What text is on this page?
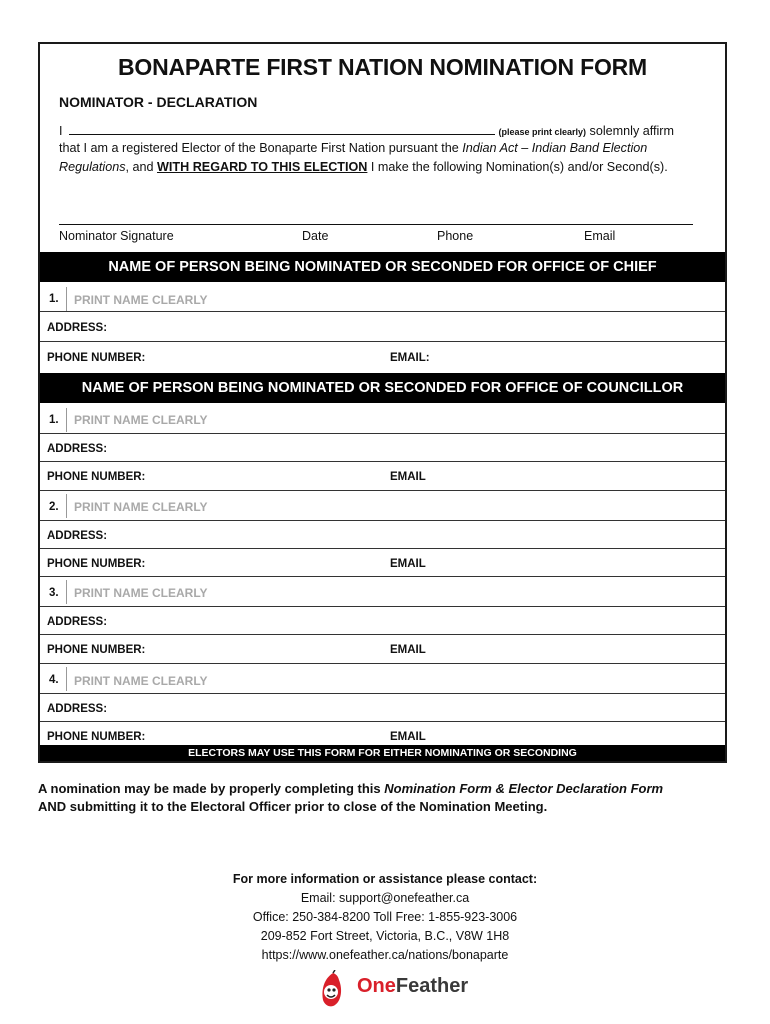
BONAPARTE FIRST NATION NOMINATION FORM
NOMINATOR - DECLARATION
I	(please print clearly) solemnly affirm
that I am a registered Elector of the Bonaparte First Nation pursuant the Indian Act – Indian Band Election
Regulations, and WITH REGARD TO THIS ELECTION I make the following Nomination(s) and/or Second(s).
Nominator Signature	Date	Phone	Email
NAME OF PERSON BEING NOMINATED OR SECONDED FOR OFFICE OF CHIEF
1. PRINT NAME CLEARLY
ADDRESS:
PHONE NUMBER:	EMAIL:
NAME OF PERSON BEING NOMINATED OR SECONDED FOR OFFICE OF COUNCILLOR
1. PRINT NAME CLEARLY
ADDRESS:
PHONE NUMBER:	EMAIL
2. PRINT NAME CLEARLY
ADDRESS:
PHONE NUMBER:	EMAIL
3. PRINT NAME CLEARLY
ADDRESS:
PHONE NUMBER:	EMAIL
4. PRINT NAME CLEARLY
ADDRESS:
PHONE NUMBER:	EMAIL
ELECTORS MAY USE THIS FORM FOR EITHER NOMINATING OR SECONDING
A nomination may be made by properly completing this Nomination Form & Elector Declaration Form
AND submitting it to the Electoral Officer prior to close of the Nomination Meeting.
For more information or assistance please contact:
Email: support@onefeather.ca
Office: 250-384-8200 Toll Free: 1-855-923-3006
209-852 Fort Street, Victoria, B.C., V8W 1H8
https://www.onefeather.ca/nations/bonaparte
OneFeather
